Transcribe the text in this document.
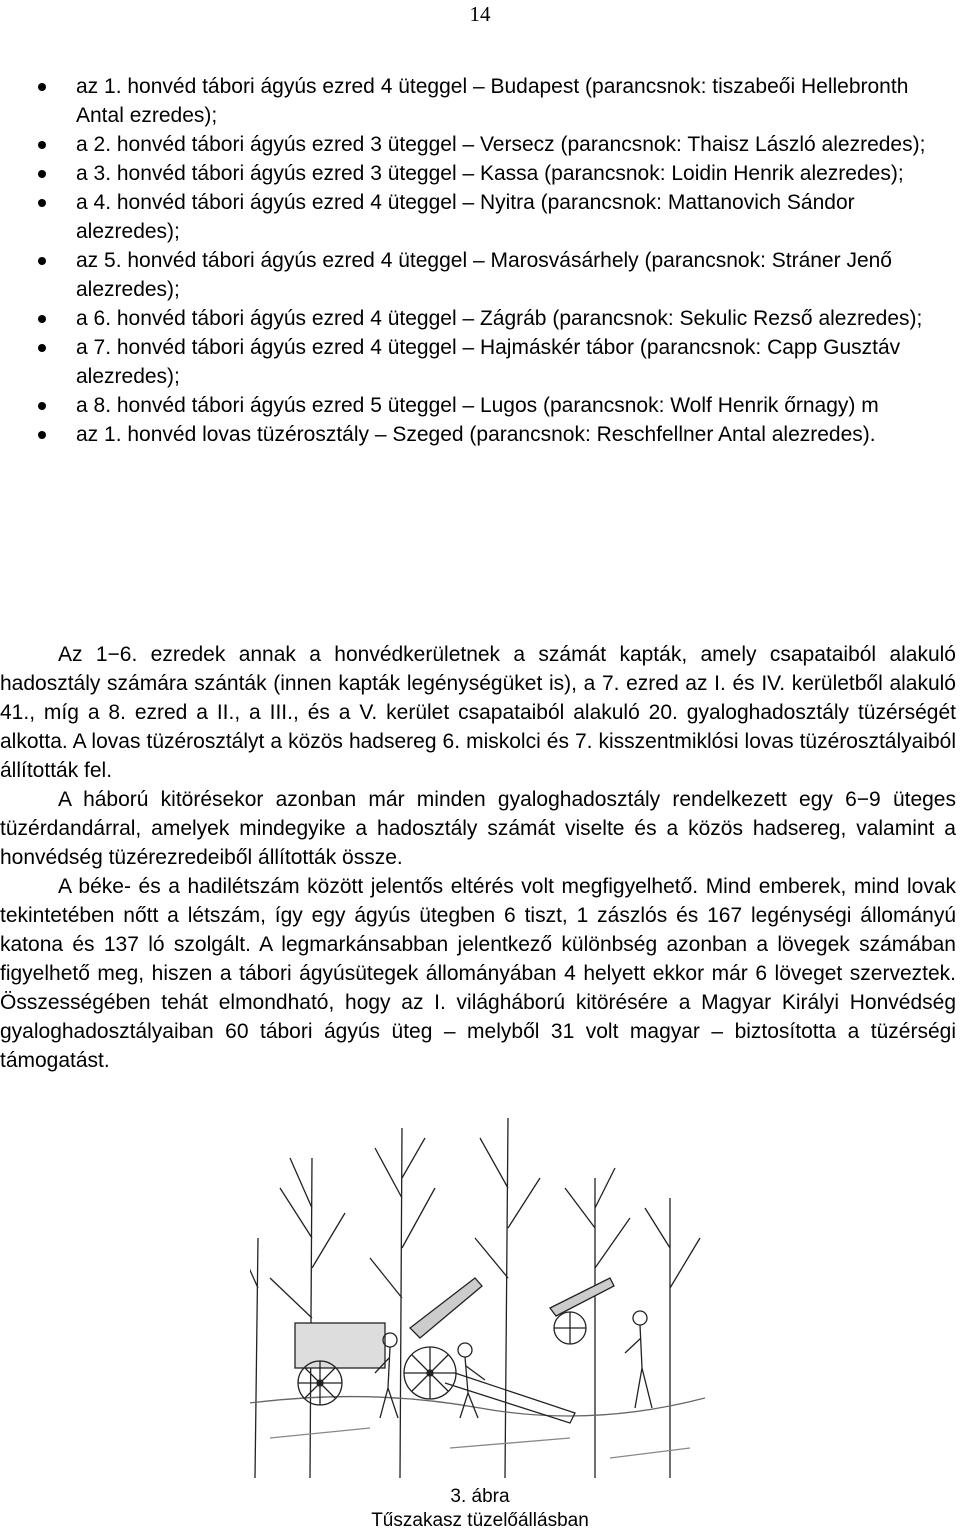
14
az 1. honvéd tábori ágyús ezred 4 üteggel – Budapest (parancsnok: tiszabeői Hellebronth Antal ezredes);
a 2. honvéd tábori ágyús ezred 3 üteggel – Versecz (parancsnok: Thaisz László alezredes);
a 3. honvéd tábori ágyús ezred 3 üteggel – Kassa (parancsnok: Loidin Henrik alezredes);
a 4. honvéd tábori ágyús ezred 4 üteggel – Nyitra (parancsnok: Mattanovich Sándor alezredes);
az 5. honvéd tábori ágyús ezred 4 üteggel – Marosvásárhely (parancsnok: Stráner Jenő alezredes);
a 6. honvéd tábori ágyús ezred 4 üteggel – Zágráb (parancsnok: Sekulic Rezső alezredes);
a 7. honvéd tábori ágyús ezred 4 üteggel – Hajmáskér tábor (parancsnok: Capp Gusztáv alezredes);
a 8. honvéd tábori ágyús ezred 5 üteggel – Lugos (parancsnok: Wolf Henrik őrnagy) m
az 1. honvéd lovas tüzérosztály – Szeged (parancsnok: Reschfellner Antal alezredes).

Az 1−6. ezredek annak a honvédkerületnek a számát kapták, amely csapataiból alakuló hadosztály számára szánták (innen kapták legénységüket is), a 7. ezred az I. és IV. kerületből alakuló 41., míg a 8. ezred a II., a III., és a V. kerület csapataiból alakuló 20. gyaloghadosztály tüzérségét alkotta. A lovas tüzérosztályt a közös hadsereg 6. miskolci és 7. kisszentmiklósi lovas tüzérosztályaiból állították fel.

A háború kitörésekor azonban már minden gyaloghadosztály rendelkezett egy 6−9 üteges tüzérdandárral, amelyek mindegyike a hadosztály számát viselte és a közös hadsereg, valamint a honvédség tüzérezredeiből állították össze.

A béke- és a hadilétszám között jelentős eltérés volt megfigyelhető. Mind emberek, mind lovak tekintetében nőtt a létszám, így egy ágyús ütegben 6 tiszt, 1 zászlós és 167 legénységi állományú katona és 137 ló szolgált. A legmarkánsabban jelentkező különbség azonban a lövegek számában figyelhető meg, hiszen a tábori ágyúsütegek állományában 4 helyett ekkor már 6 löveget szerveztek. Összességében tehát elmondható, hogy az I. világháború kitörésére a Magyar Királyi Honvédség gyaloghadosztályaiban 60 tábori ágyús üteg – melyből 31 volt magyar – biztosította a tüzérségi támogatást.

3. ábra
Tűszakasz tüzelőállásban
